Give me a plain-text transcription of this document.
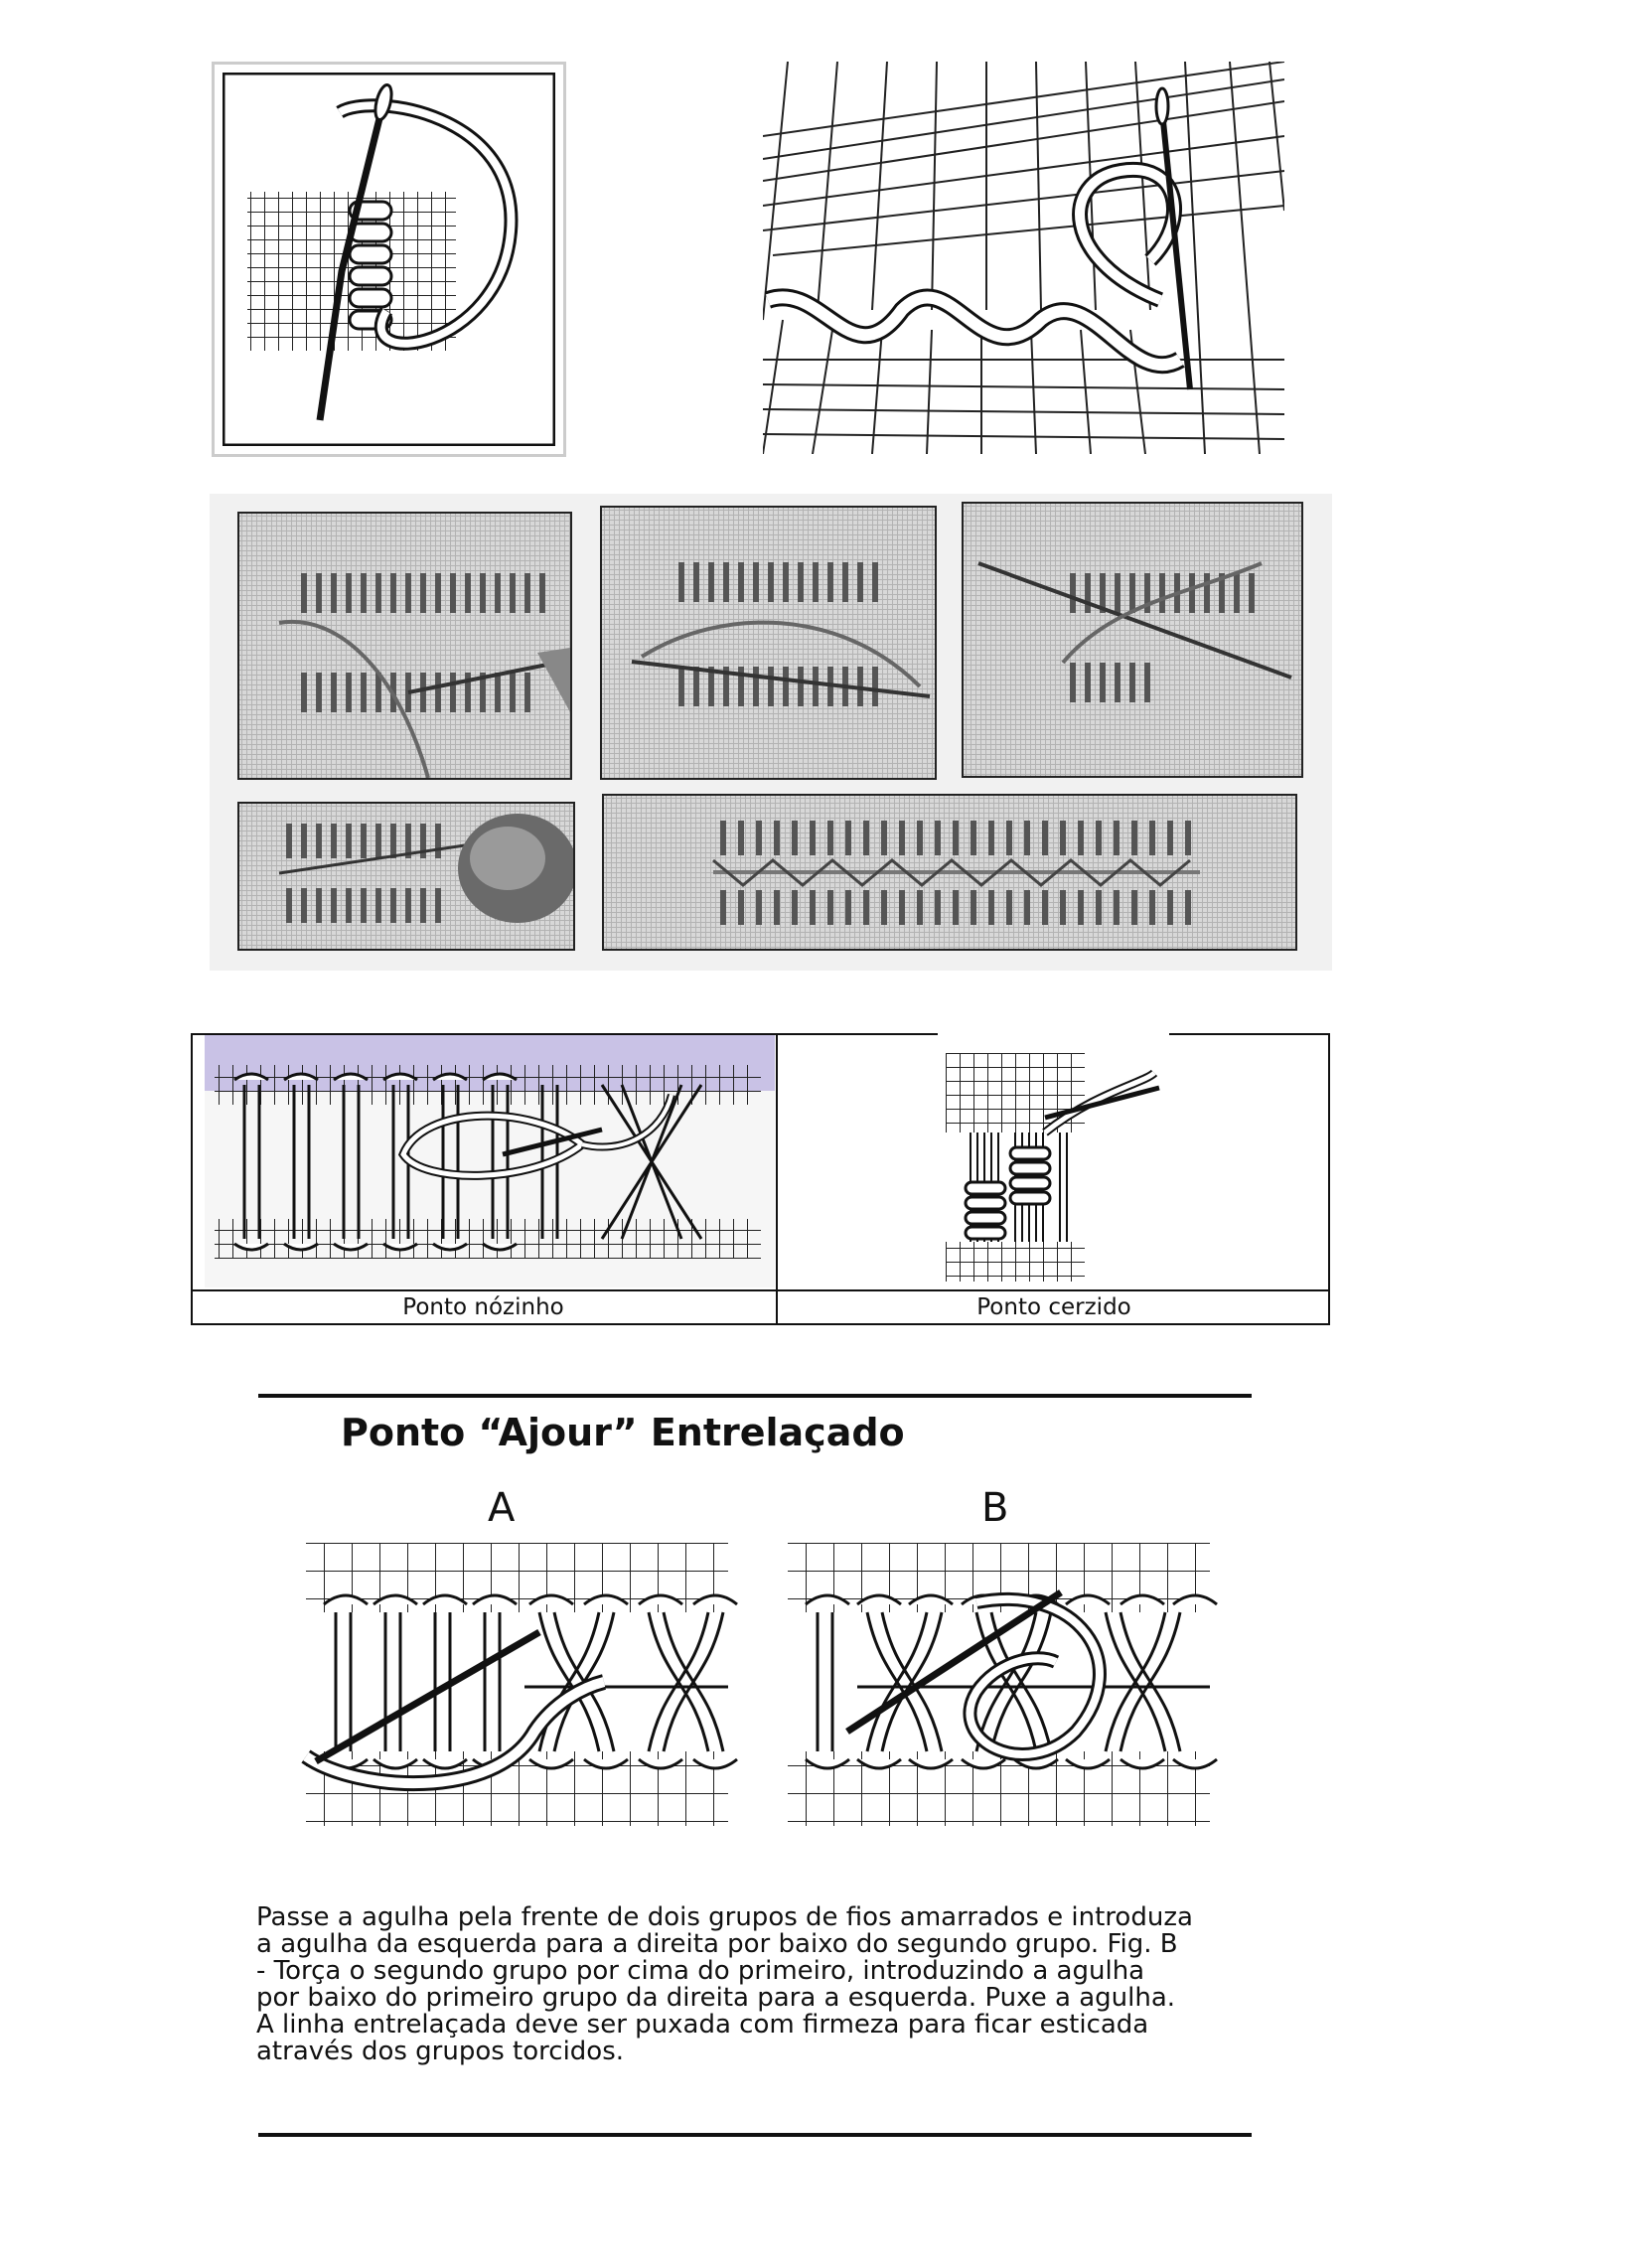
Ponto nózinho	Ponto cerzido
Ponto “Ajour” Entrelaçado
A	B
Passe a agulha pela frente de dois grupos de fios amarrados e introduza
a agulha da esquerda para a direita por baixo do segundo grupo. Fig. B
- Torça o segundo grupo por cima do primeiro, introduzindo a agulha
por baixo do primeiro grupo da direita para a esquerda. Puxe a agulha.
A linha entrelaçada deve ser puxada com firmeza para ficar esticada
através dos grupos torcidos.
